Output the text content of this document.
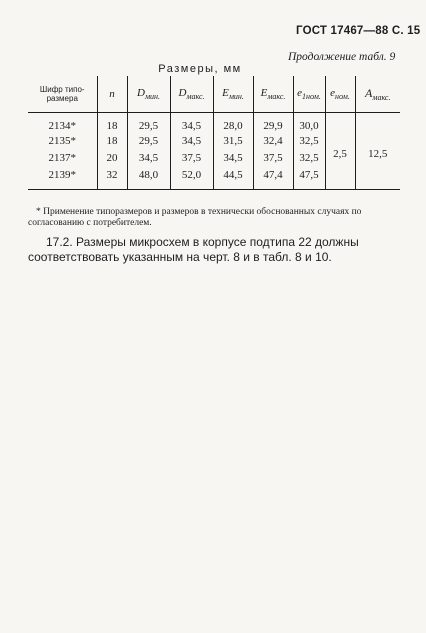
ГОСТ 17467—88 С. 15
Продолжение табл. 9
Размеры, мм
Шифр типо-
размера	n	$D_{мин.}$	$D_{макс.}$	$E_{мин.}$	$E_{макс.}$	$e_{1ном.}$	$e_{ном.}$	$A_{макс.}$
2134*	18	29,5	34,5	28,0	29,9	30,0	2,5	12,5
2135*	18	29,5	34,5	31,5	32,4	32,5		
2137*	20	34,5	37,5	34,5	37,5	32,5		
2139*	32	48,0	52,0	44,5	47,4	47,5		
* Применение типоразмеров и размеров в технически обоснованных случаях по согласованию с потребителем.
17.2. Размеры микросхем в корпусе подтипа 22 должны соответствовать указанным на черт. 8 и в табл. 8 и 10.
